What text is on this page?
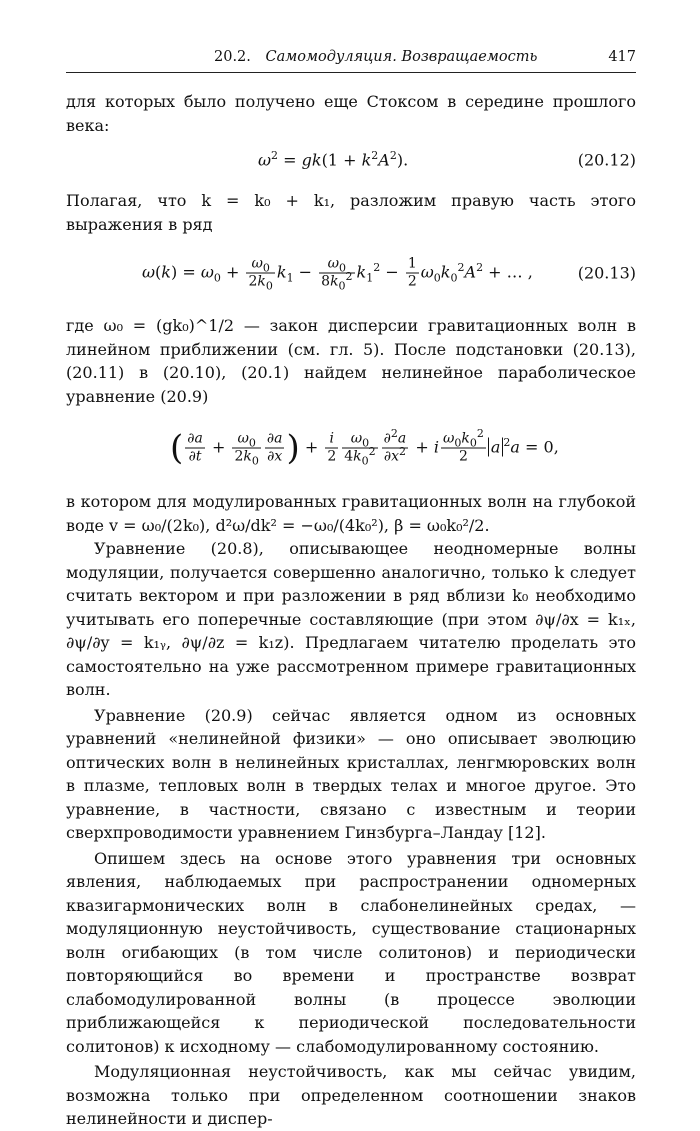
20.2. Самомодуляция. Возвращаемость	417

для которых было получено еще Стоксом в середине прошлого века:

$\omega^2 = gk(1 + k^2A^2)$.	(20.12)

Полагая, что k = k₀ + k₁, разложим правую часть этого выражения в ряд

$\omega(k) = \omega_0 + \frac{\omega_0}{2k_0} k_1 - \frac{\omega_0}{8k_0^2} k_1^2 - \frac{1}{2} \omega_0k_0^2A^2$ + … ,	(20.13)

где ω₀ = (gk₀)^1/2 — закон дисперсии гравитационных волн в линейном приближении (см. гл. 5). После подстановки (20.13), (20.11) в (20.10), (20.1) найдем нелинейное параболическое уравнение (20.9)

( $\frac{\partial a}{\partial t} + \frac{\omega_0}{2k_0} \frac{\partial a}{\partial x}$ ) + $\frac{i}{2} \frac{\omega_0}{4k_0^2} \frac{\partial^2a}{\partial x^2} + i \frac{\omega_0k_0^2}{2}$ a $^2$a = 0,

в котором для модулированных гравитационных волн на глубокой воде v = ω₀/(2k₀), d²ω/dk² = −ω₀/(4k₀²), β = ω₀k₀²/2.

Уравнение (20.8), описывающее неодномерные волны модуляции, получается совершенно аналогично, только k следует считать вектором и при разложении в ряд вблизи k₀ необходимо учитывать его поперечные составляющие (при этом ∂ψ/∂x = k₁ₓ, ∂ψ/∂y = k₁ᵧ, ∂ψ/∂z = k₁z). Предлагаем читателю проделать это самостоятельно на уже рассмотренном примере гравитационных волн.

Уравнение (20.9) сейчас является одном из основных уравнений «нелинейной физики» — оно описывает эволюцию оптических волн в нелинейных кристаллах, ленгмюровских волн в плазме, тепловых волн в твердых телах и многое другое. Это уравнение, в частности, связано с известным и теории сверхпроводимости уравнением Гинзбурга–Ландау [12].

Опишем здесь на основе этого уравнения три основных явления, наблюдаемых при распространении одномерных квазигармонических волн в слабонелинейных средах, — модуляционную неустойчивость, существование стационарных волн огибающих (в том числе солитонов) и периодически повторяющийся во времени и пространстве возврат слабомодулированной волны (в процессе эволюции приближающейся к периодической последовательности солитонов) к исходному — слабомодулированному состоянию.

Модуляционная неустойчивость, как мы сейчас увидим, возможна только при определенном соотношении знаков нелинейности и диспер-
